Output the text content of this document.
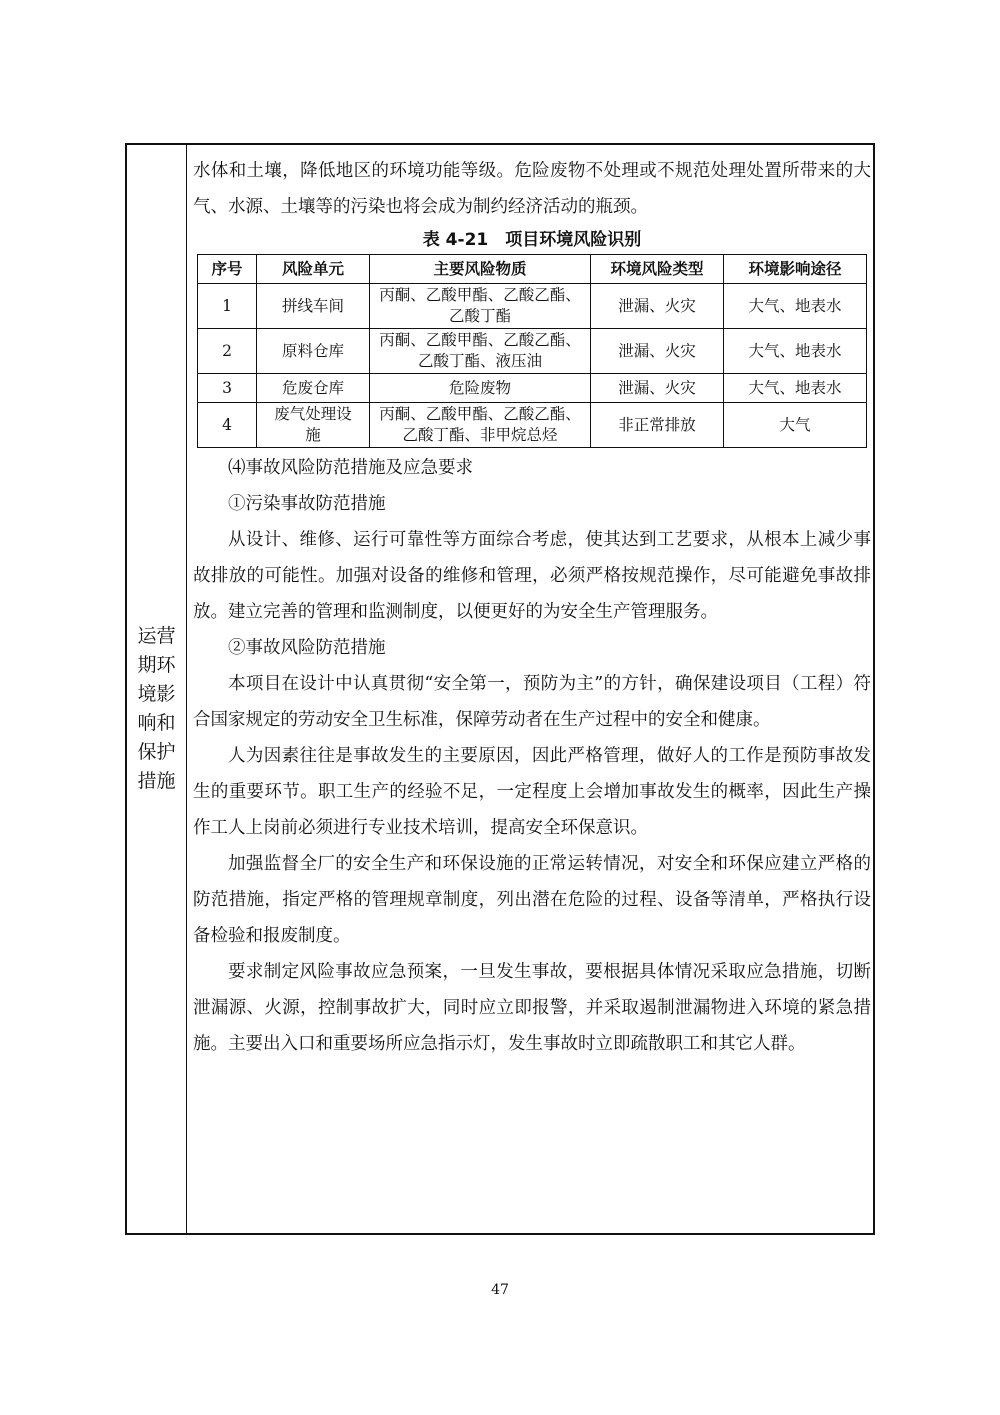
运营期环境影响和保护措施

水体和土壤，降低地区的环境功能等级。危险废物不处理或不规范处理处置所带来的大气、水源、土壤等的污染也将会成为制约经济活动的瓶颈。

表 4-21　项目环境风险识别
序号	风险单元	主要风险物质	环境风险类型	环境影响途径
1	拼线车间	丙酮、乙酸甲酯、乙酸乙酯、乙酸丁酯	泄漏、火灾	大气、地表水
2	原料仓库	丙酮、乙酸甲酯、乙酸乙酯、乙酸丁酯、液压油	泄漏、火灾	大气、地表水
3	危废仓库	危险废物	泄漏、火灾	大气、地表水
4	废气处理设施	丙酮、乙酸甲酯、乙酸乙酯、乙酸丁酯、非甲烷总烃	非正常排放	大气

⑷事故风险防范措施及应急要求

①污染事故防范措施

从设计、维修、运行可靠性等方面综合考虑，使其达到工艺要求，从根本上减少事故排放的可能性。加强对设备的维修和管理，必须严格按规范操作，尽可能避免事故排放。建立完善的管理和监测制度，以便更好的为安全生产管理服务。

②事故风险防范措施

本项目在设计中认真贯彻“安全第一，预防为主”的方针，确保建设项目（工程）符合国家规定的劳动安全卫生标准，保障劳动者在生产过程中的安全和健康。

人为因素往往是事故发生的主要原因，因此严格管理，做好人的工作是预防事故发生的重要环节。职工生产的经验不足，一定程度上会增加事故发生的概率，因此生产操作工人上岗前必须进行专业技术培训，提高安全环保意识。

加强监督全厂的安全生产和环保设施的正常运转情况，对安全和环保应建立严格的防范措施，指定严格的管理规章制度，列出潜在危险的过程、设备等清单，严格执行设备检验和报废制度。

要求制定风险事故应急预案，一旦发生事故，要根据具体情况采取应急措施，切断泄漏源、火源，控制事故扩大，同时应立即报警，并采取遏制泄漏物进入环境的紧急措施。主要出入口和重要场所应急指示灯，发生事故时立即疏散职工和其它人群。

47
